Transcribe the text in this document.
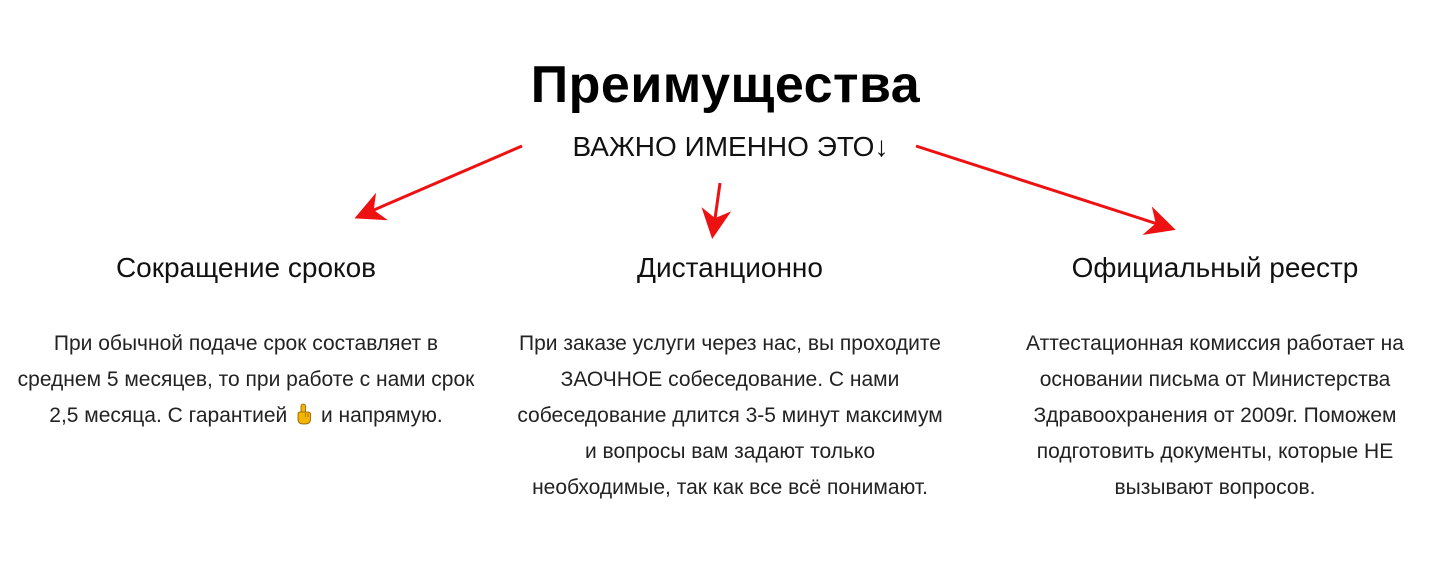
Преимущества
ВАЖНО ИМЕННО ЭТО↓
Сокращение сроков

При обычной подаче срок составляет в среднем 5 месяцев, то при работе с нами срок 2,5 месяца. С гарантией и напрямую.

Дистанционно

При заказе услуги через нас, вы проходите ЗАОЧНОЕ собеседование. С нами собеседование длится 3-5 минут максимум и вопросы вам задают только необходимые, так как все всё понимают.

Официальный реестр

Аттестационная комиссия работает на основании письма от Министерства Здравоохранения от 2009г. Поможем подготовить документы, которые НЕ вызывают вопросов.
